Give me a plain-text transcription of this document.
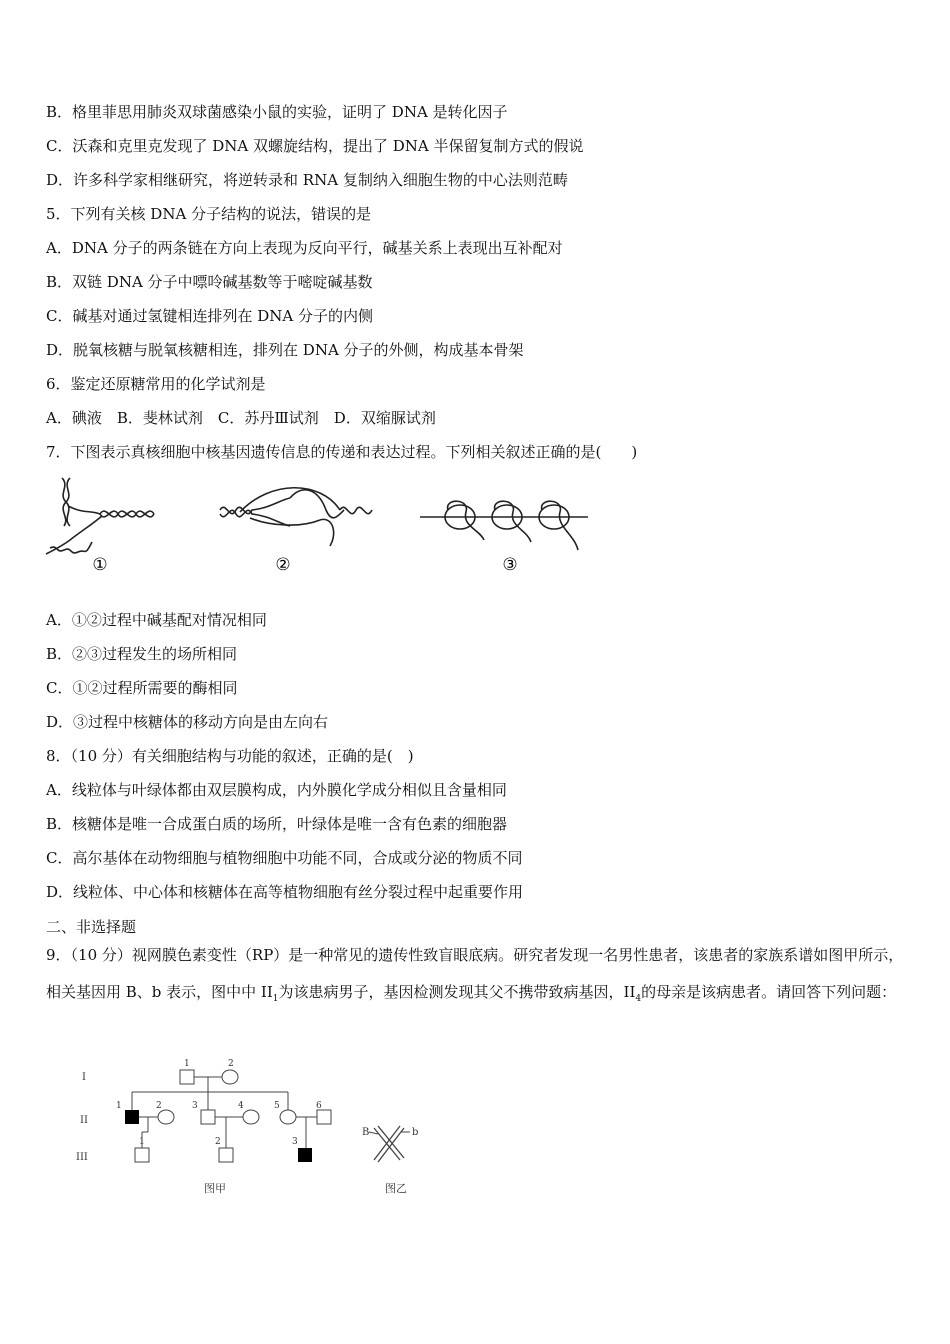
B．格里菲思用肺炎双球菌感染小鼠的实验，证明了 DNA 是转化因子
C．沃森和克里克发现了 DNA 双螺旋结构，提出了 DNA 半保留复制方式的假说
D．许多科学家相继研究，将逆转录和 RNA 复制纳入细胞生物的中心法则范畴
5．下列有关核 DNA 分子结构的说法，错误的是
A．DNA 分子的两条链在方向上表现为反向平行，碱基关系上表现出互补配对
B．双链 DNA 分子中嘌呤碱基数等于嘧啶碱基数
C．碱基对通过氢键相连排列在 DNA 分子的内侧
D．脱氧核糖与脱氧核糖相连，排列在 DNA 分子的外侧，构成基本骨架
6．鉴定还原糖常用的化学试剂是
A．碘液　B．斐林试剂　C．苏丹Ⅲ试剂　D．双缩脲试剂
7．下图表示真核细胞中核基因遗传信息的传递和表达过程。下列相关叙述正确的是(　　)
①	②	③
A．①②过程中碱基配对情况相同
B．②③过程发生的场所相同
C．①②过程所需要的酶相同
D．③过程中核糖体的移动方向是由左向右
8．（10 分）有关细胞结构与功能的叙述，正确的是(　)
A．线粒体与叶绿体都由双层膜构成，内外膜化学成分相似且含量相同
B．核糖体是唯一合成蛋白质的场所，叶绿体是唯一含有色素的细胞器
C．高尔基体在动物细胞与植物细胞中功能不同，合成或分泌的物质不同
D．线粒体、中心体和核糖体在高等植物细胞有丝分裂过程中起重要作用
二、非选择题
9．（10 分）视网膜色素变性（RP）是一种常见的遗传性致盲眼底病。研究者发现一名男性患者，该患者的家族系谱如图甲所示，相关基因用 B、b 表示，图中中 $II_1$为该患病男子，基因检测发现其父不携带致病基因，$II_4$的母亲是该病患者。请回答下列问题：
I
II
III
1	2
1	2	3	4	5	6
1	2	3
图甲
B	b
图乙
